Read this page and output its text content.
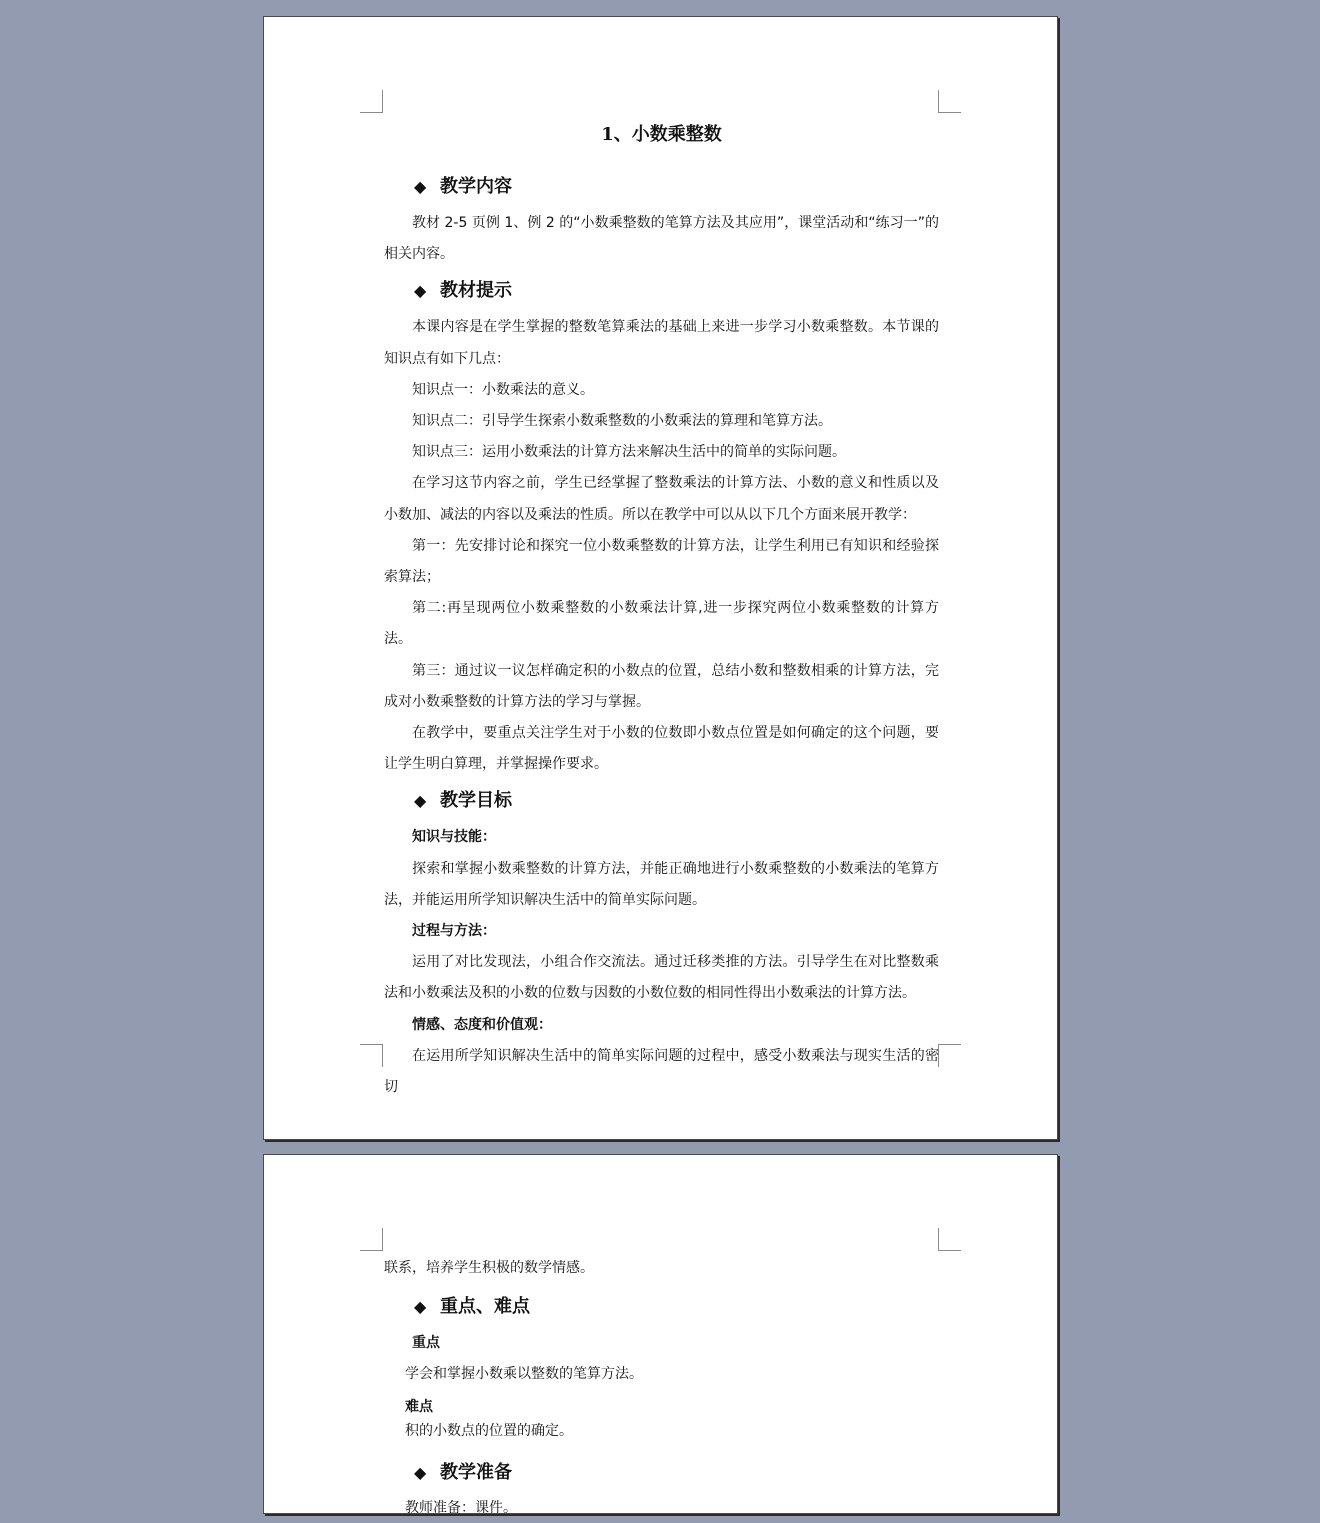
1、小数乘整数
◆ 教学内容

教材 2-5 页例 1、例 2 的“小数乘整数的笔算方法及其应用”，课堂活动和“练习一”的相关内容。

◆ 教材提示

本课内容是在学生掌握的整数笔算乘法的基础上来进一步学习小数乘整数。本节课的知识点有如下几点：

知识点一：小数乘法的意义。

知识点二：引导学生探索小数乘整数的小数乘法的算理和笔算方法。

知识点三：运用小数乘法的计算方法来解决生活中的简单的实际问题。

在学习这节内容之前，学生已经掌握了整数乘法的计算方法、小数的意义和性质以及小数加、减法的内容以及乘法的性质。所以在教学中可以从以下几个方面来展开教学：

第一：先安排讨论和探究一位小数乘整数的计算方法，让学生利用已有知识和经验探索算法；

第二:再呈现两位小数乘整数的小数乘法计算,进一步探究两位小数乘整数的计算方法。

第三：通过议一议怎样确定积的小数点的位置，总结小数和整数相乘的计算方法，完成对小数乘整数的计算方法的学习与掌握。

在教学中，要重点关注学生对于小数的位数即小数点位置是如何确定的这个问题，要让学生明白算理，并掌握操作要求。

◆ 教学目标

知识与技能：

探索和掌握小数乘整数的计算方法，并能正确地进行小数乘整数的小数乘法的笔算方法，并能运用所学知识解决生活中的简单实际问题。

过程与方法：

运用了对比发现法，小组合作交流法。通过迁移类推的方法。引导学生在对比整数乘法和小数乘法及积的小数的位数与因数的小数位数的相同性得出小数乘法的计算方法。

情感、态度和价值观：

在运用所学知识解决生活中的简单实际问题的过程中，感受小数乘法与现实生活的密切

联系，培养学生积极的数学情感。

◆ 重点、难点
重点
学会和掌握小数乘以整数的笔算方法。
难点
积的小数点的位置的确定。
◆ 教学准备
教师准备：课件。
